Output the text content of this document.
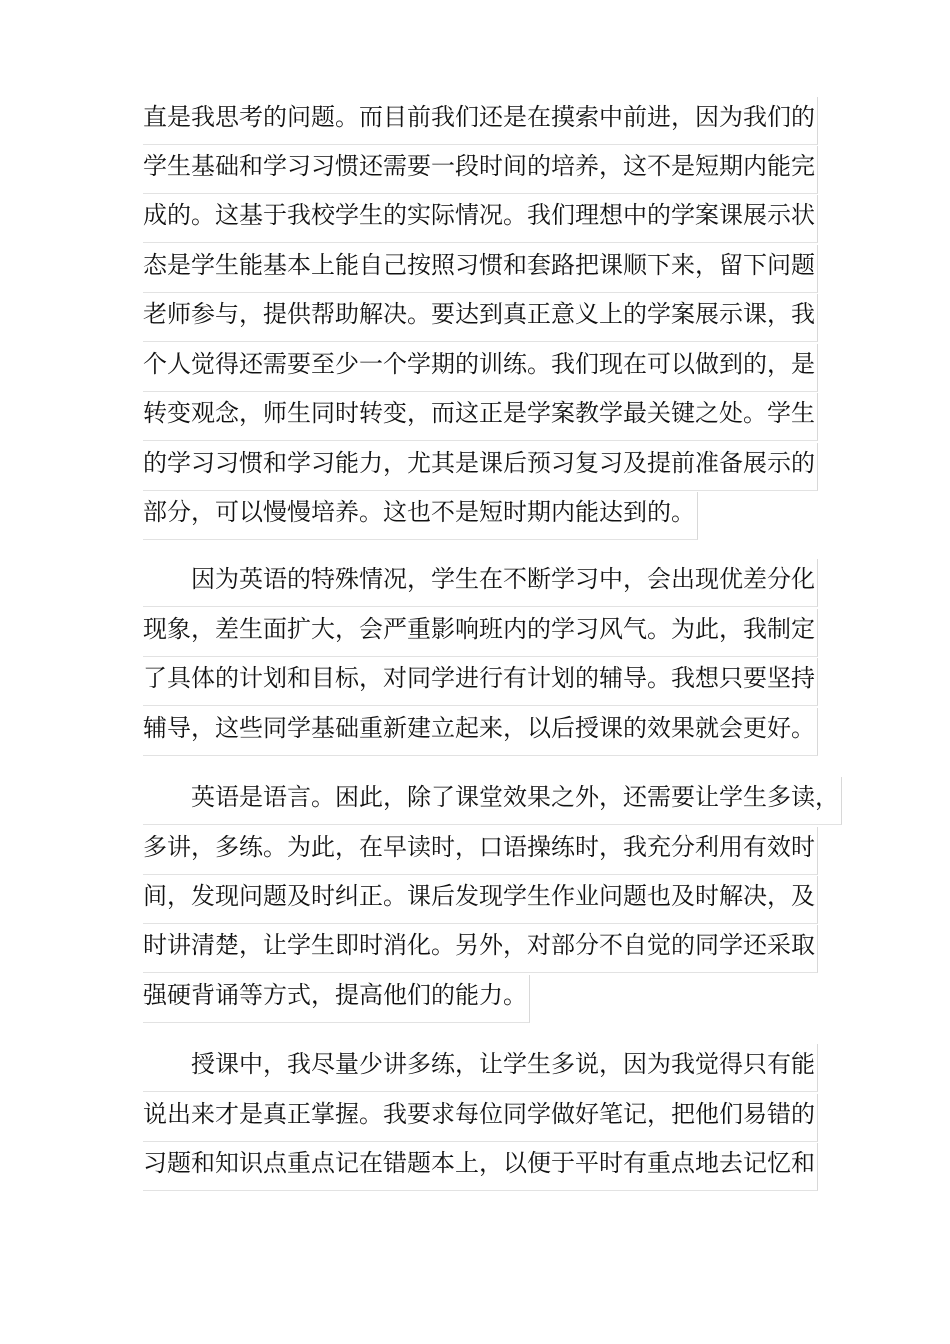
直是我思考的问题。而目前我们还是在摸索中前进，因为我们的
学生基础和学习习惯还需要一段时间的培养，这不是短期内能完
成的。这基于我校学生的实际情况。我们理想中的学案课展示状
态是学生能基本上能自己按照习惯和套路把课顺下来，留下问题
老师参与，提供帮助解决。要达到真正意义上的学案展示课，我
个人觉得还需要至少一个学期的训练。我们现在可以做到的，是
转变观念，师生同时转变，而这正是学案教学最关键之处。学生
的学习习惯和学习能力，尤其是课后预习复习及提前准备展示的
部分，可以慢慢培养。这也不是短时期内能达到的。
因为英语的特殊情况，学生在不断学习中，会出现优差分化
现象，差生面扩大，会严重影响班内的学习风气。为此，我制定
了具体的计划和目标，对同学进行有计划的辅导。我想只要坚持
辅导，这些同学基础重新建立起来，以后授课的效果就会更好。
英语是语言。困此，除了课堂效果之外，还需要让学生多读，
多讲，多练。为此，在早读时，口语操练时，我充分利用有效时
间，发现问题及时纠正。课后发现学生作业问题也及时解决，及
时讲清楚，让学生即时消化。另外，对部分不自觉的同学还采取
强硬背诵等方式，提高他们的能力。
授课中，我尽量少讲多练，让学生多说，因为我觉得只有能
说出来才是真正掌握。我要求每位同学做好笔记，把他们易错的
习题和知识点重点记在错题本上，以便于平时有重点地去记忆和
